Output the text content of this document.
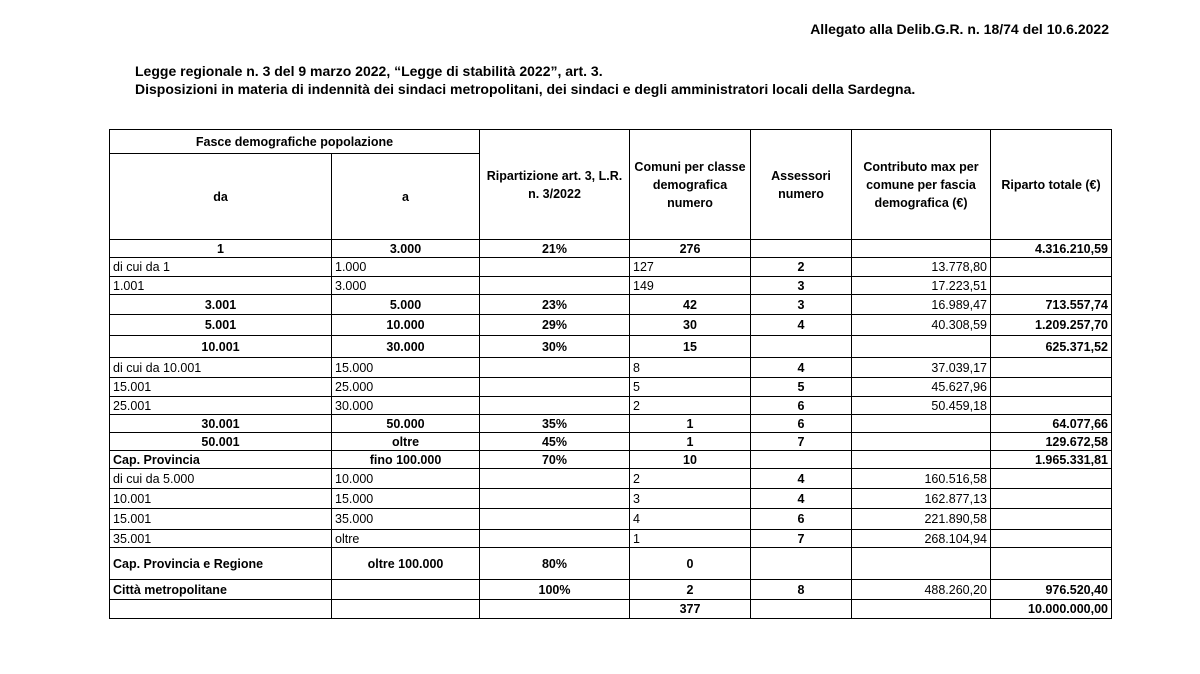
Allegato alla Delib.G.R. n. 18/74 del 10.6.2022
Legge regionale n. 3 del 9 marzo 2022, “Legge di stabilità 2022”, art. 3.
Disposizioni in materia di indennità dei sindaci metropolitani, dei sindaci e degli amministratori locali della Sardegna.
Fasce demografiche popolazione		Ripartizione art. 3, L.R. n. 3/2022	Comuni per classe demografica numero	Assessori numero	Contributo max per comune per fascia demografica (€)	Riparto totale (€)
da	a					
1	3.000	21%	276			4.316.210,59
di cui da 1	1.000		127	2	13.778,80	
1.001	3.000		149	3	17.223,51	
3.001	5.000	23%	42	3	16.989,47	713.557,74
5.001	10.000	29%	30	4	40.308,59	1.209.257,70
10.001	30.000	30%	15			625.371,52
di cui da 10.001	15.000		8	4	37.039,17	
15.001	25.000		5	5	45.627,96	
25.001	30.000		2	6	50.459,18	
30.001	50.000	35%	1	6		64.077,66
50.001	oltre	45%	1	7		129.672,58
Cap. Provincia	fino 100.000	70%	10			1.965.331,81
di cui da 5.000	10.000		2	4	160.516,58	
10.001	15.000		3	4	162.877,13	
15.001	35.000		4	6	221.890,58	
35.001	oltre		1	7	268.104,94	
Cap. Provincia e Regione	oltre 100.000	80%	0			
Città metropolitane		100%	2	8	488.260,20	976.520,40
			377			10.000.000,00
